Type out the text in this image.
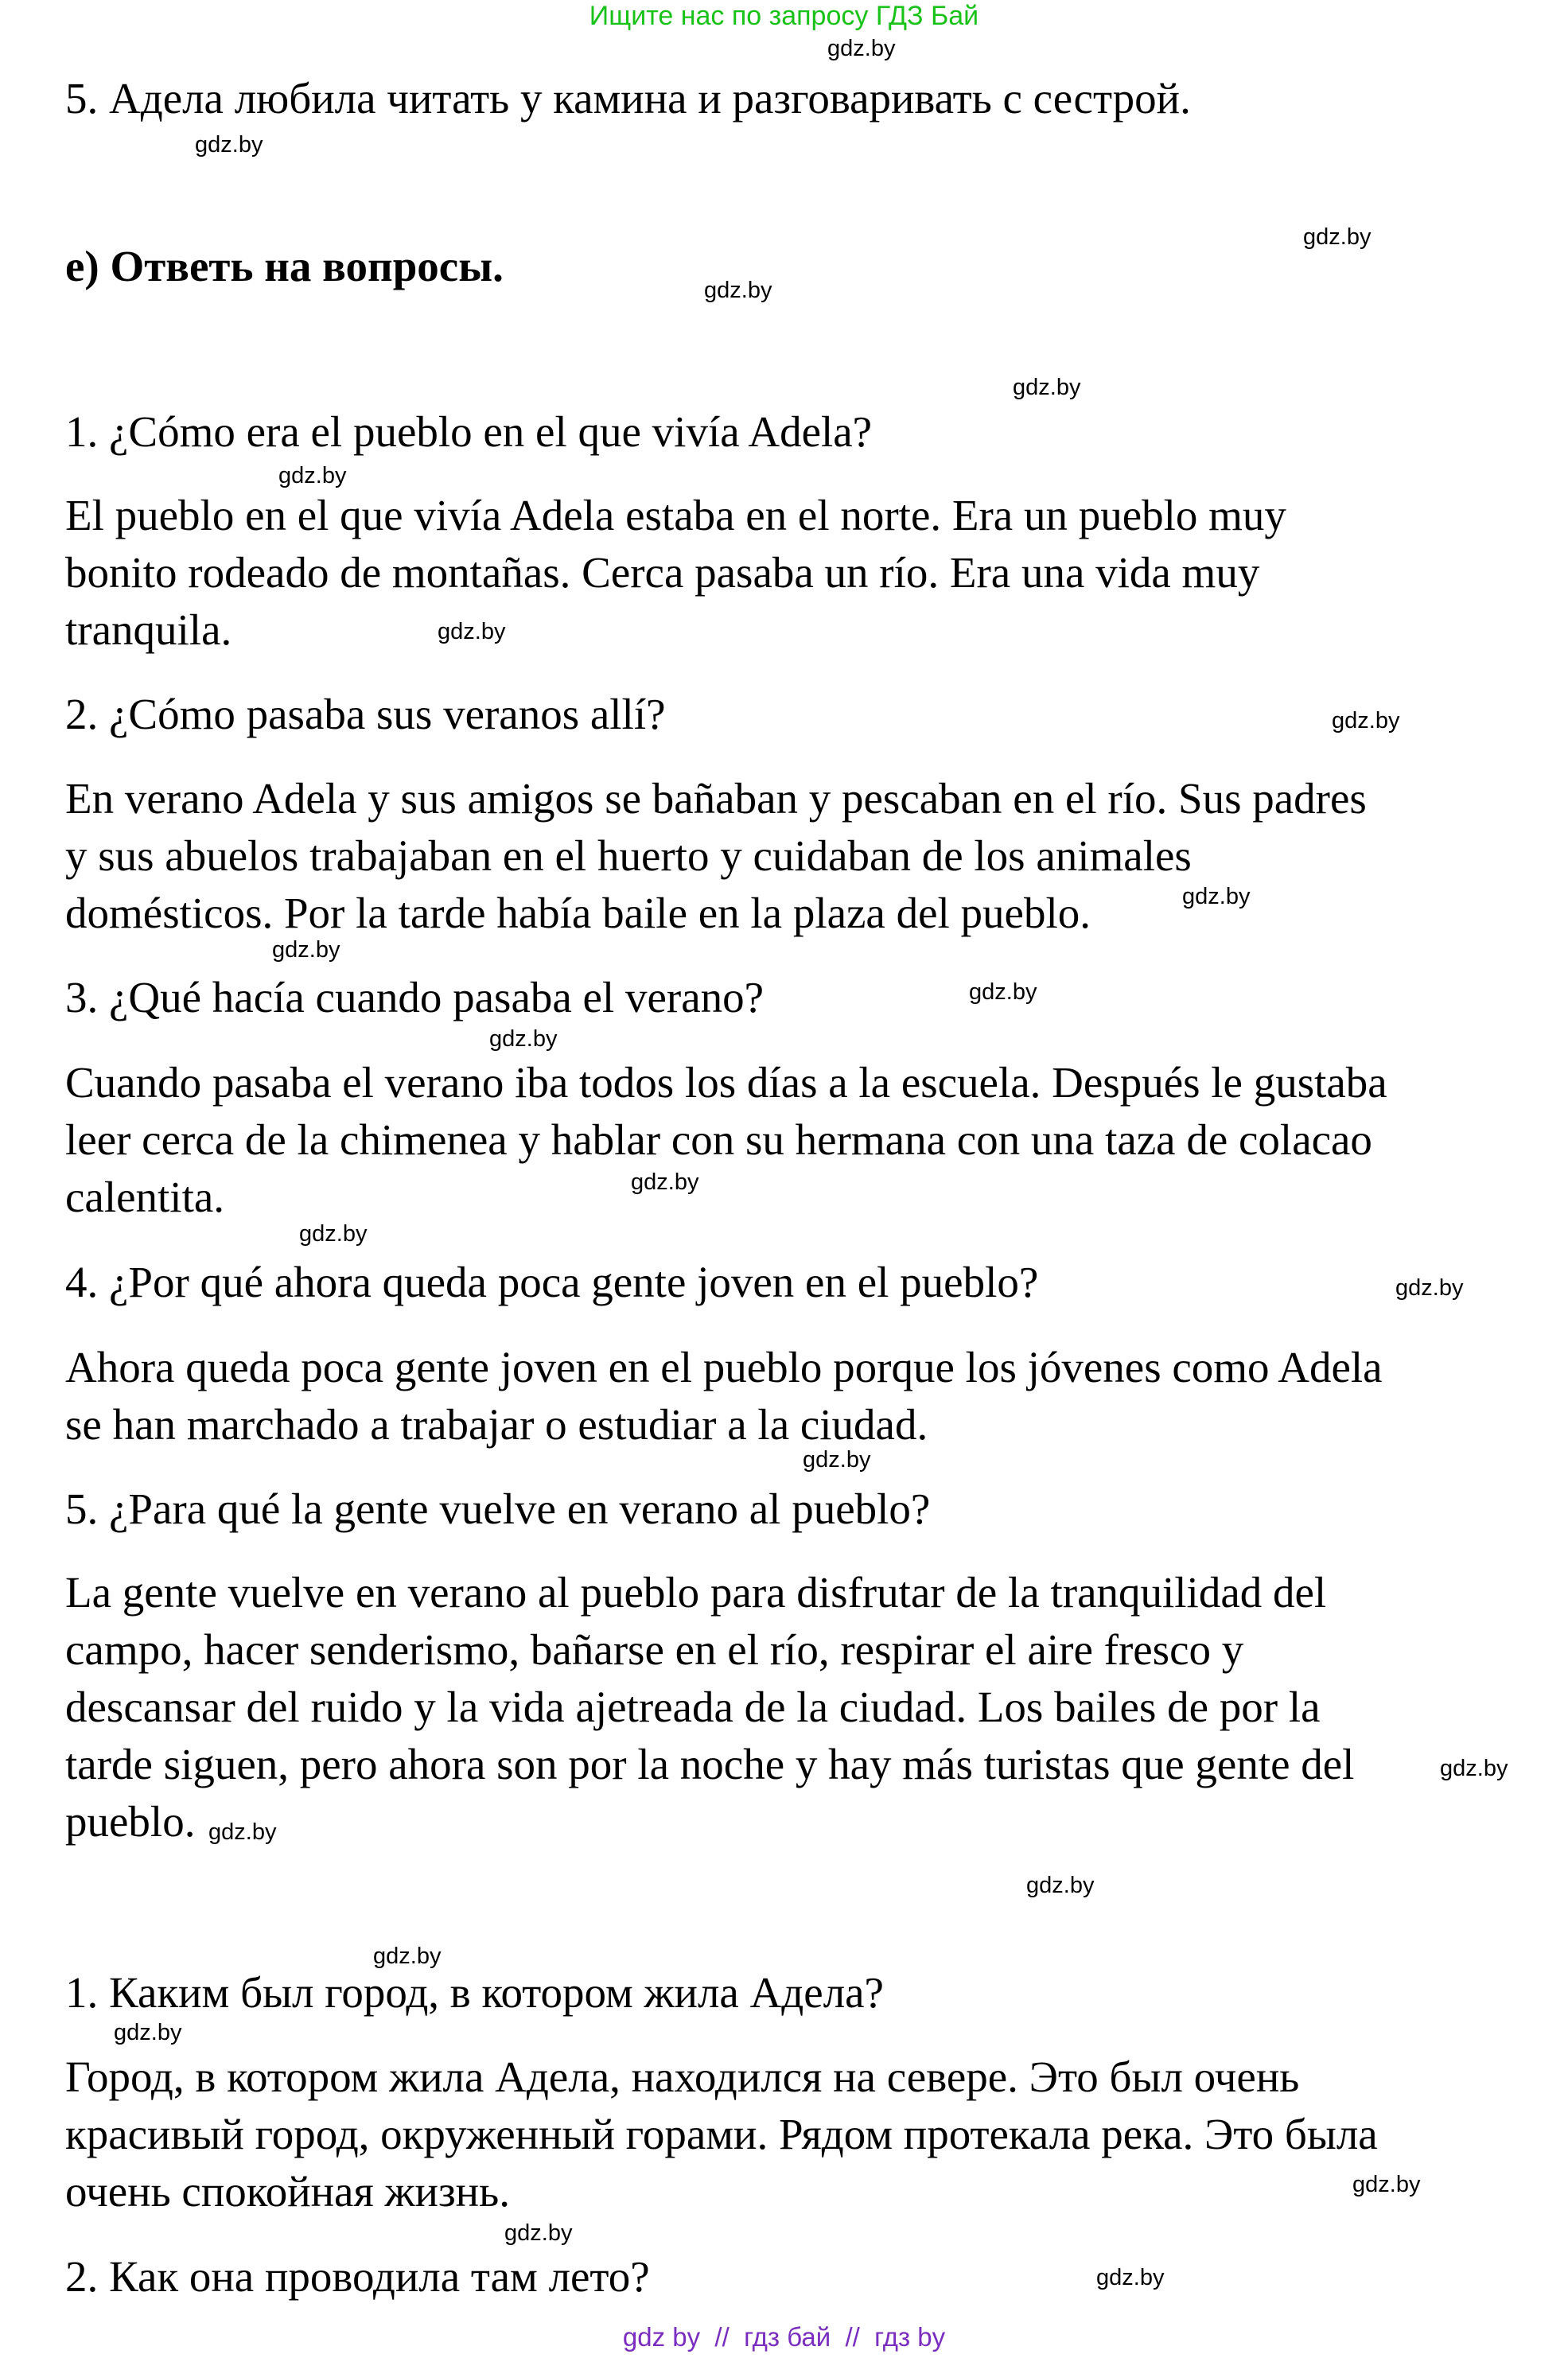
Ищите нас по запросу ГДЗ Бай
5. Адела любила читать у камина и разговаривать с сестрой.
е) Ответь на вопросы.
1. ¿Cómo era el pueblo en el que vivía Adela?
El pueblo en el que vivía Adela estaba en el norte. Era un pueblo muy
bonito rodeado de montañas. Cerca pasaba un río. Era una vida muy
tranquila.
2. ¿Cómo pasaba sus veranos allí?
En verano Adela y sus amigos se bañaban y pescaban en el río. Sus padres
y sus abuelos trabajaban en el huerto y cuidaban de los animales
domésticos. Por la tarde había baile en la plaza del pueblo.
3. ¿Qué hacía cuando pasaba el verano?
Cuando pasaba el verano iba todos los días a la escuela. Después le gustaba
leer cerca de la chimenea y hablar con su hermana con una taza de colacao
calentita.
4. ¿Por qué ahora queda poca gente joven en el pueblo?
Ahora queda poca gente joven en el pueblo porque los jóvenes como Adela
se han marchado a trabajar o estudiar a la ciudad.
5. ¿Para qué la gente vuelve en verano al pueblo?
La gente vuelve en verano al pueblo para disfrutar de la tranquilidad del
campo, hacer senderismo, bañarse en el río, respirar el aire fresco y
descansar del ruido y la vida ajetreada de la ciudad. Los bailes de por la
tarde siguen, pero ahora son por la noche y hay más turistas que gente del
pueblo.
1. Каким был город, в котором жила Адела?
Город, в котором жила Адела, находился на севере. Это был очень
красивый город, окруженный горами. Рядом протекала река. Это была
очень спокойная жизнь.
2. Как она проводила там лето?
gdz.by
gdz.by
gdz.by
gdz.by
gdz.by
gdz.by
gdz.by
gdz.by
gdz.by
gdz.by
gdz.by
gdz.by
gdz.by
gdz.by
gdz.by
gdz.by
gdz.by
gdz.by
gdz.by
gdz.by
gdz.by
gdz.by
gdz.by
gdz.by
gdz by  //  гдз бай  //  гдз by
